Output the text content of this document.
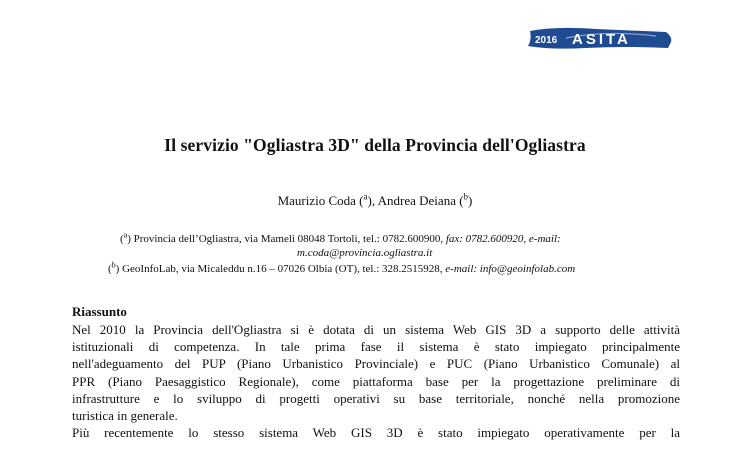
2016 ASITA
Il servizio "Ogliastra 3D" della Provincia dell'Ogliastra
Maurizio Coda ($^a$), Andrea Deiana ($^b$)
($^a$) Provincia dell’Ogliastra, via Mameli 08048 Tortolì, tel.: 0782.600900, fax: 0782.600920, e-mail:
m.coda@provincia.ogliastra.it
($^b$) GeoInfoLab, via Micaleddu n.16 – 07026 Olbia (OT), tel.: 328.2515928, e-mail: info@geoinfolab.com
Riassunto
Nel 2010 la Provincia dell'Ogliastra si è dotata di un sistema Web GIS 3D a supporto delle attività
istituzionali di competenza. In tale prima fase il sistema è stato impiegato principalmente
nell'adeguamento del PUP (Piano Urbanistico Provinciale) e PUC (Piano Urbanistico Comunale) al
PPR (Piano Paesaggistico Regionale), come piattaforma base per la progettazione preliminare di
infrastrutture e lo sviluppo di progetti operativi su base territoriale, nonché nella promozione
turistica in generale.
Più recentemente lo stesso sistema Web GIS 3D è stato impiegato operativamente per la
